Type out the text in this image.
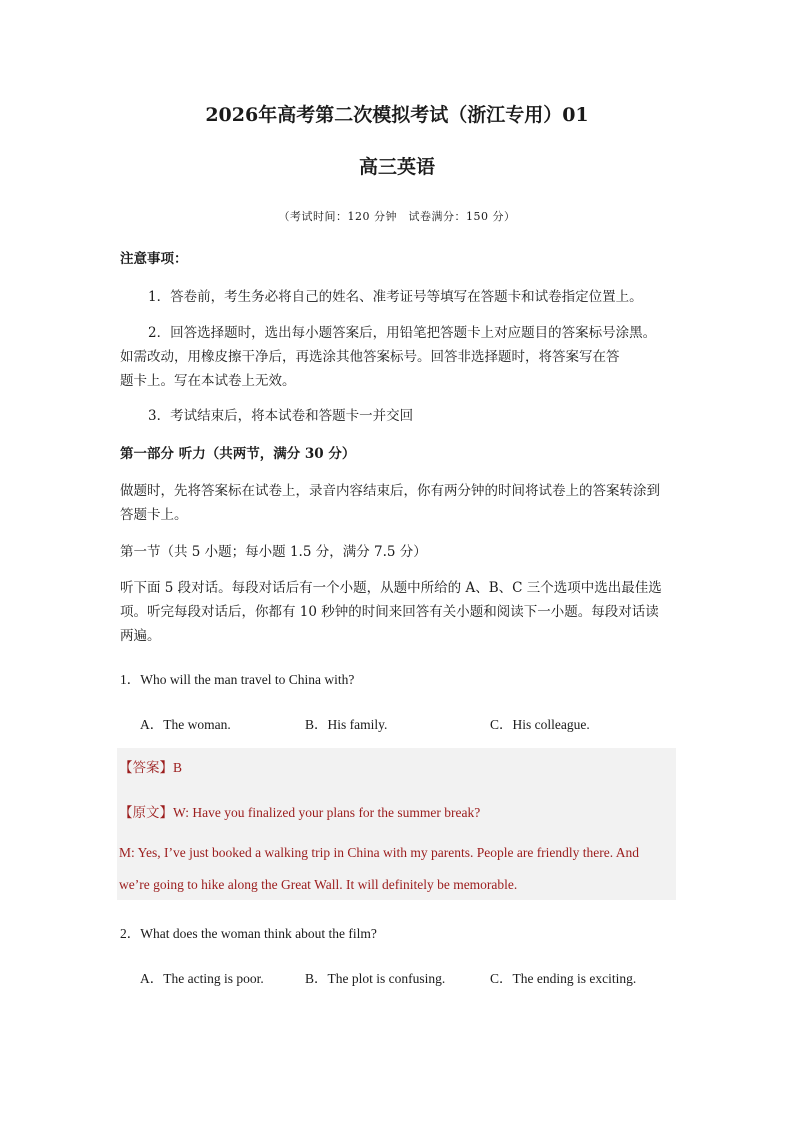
2026年高考第二次模拟考试（浙江专用）01
高三英语
（考试时间：120 分钟　试卷满分：150 分）
注意事项：
1．答卷前，考生务必将自己的姓名、准考证号等填写在答题卡和试卷指定位置上。
2．回答选择题时，选出每小题答案后，用铅笔把答题卡上对应题目的答案标号涂黑。
如需改动，用橡皮擦干净后，再选涂其他答案标号。回答非选择题时，将答案写在答
题卡上。写在本试卷上无效。
3．考试结束后，将本试卷和答题卡一并交回
第一部分 听力（共两节，满分 30 分）
做题时，先将答案标在试卷上，录音内容结束后，你有两分钟的时间将试卷上的答案转涂到
答题卡上。
第一节（共 5 小题；每小题 1.5 分，满分 7.5 分）
听下面 5 段对话。每段对话后有一个小题，从题中所给的 A、B、C 三个选项中选出最佳选
项。听完每段对话后，你都有 10 秒钟的时间来回答有关小题和阅读下一小题。每段对话读
两遍。
1．Who will the man travel to China with?
A．The woman.	B．His family.	C．His colleague.
【答案】B
【原文】W: Have you finalized your plans for the summer break?
M: Yes, I’ve just booked a walking trip in China with my parents. People are friendly there. And
we’re going to hike along the Great Wall. It will definitely be memorable.
2．What does the woman think about the film?
A．The acting is poor.	B．The plot is confusing.	C．The ending is exciting.
